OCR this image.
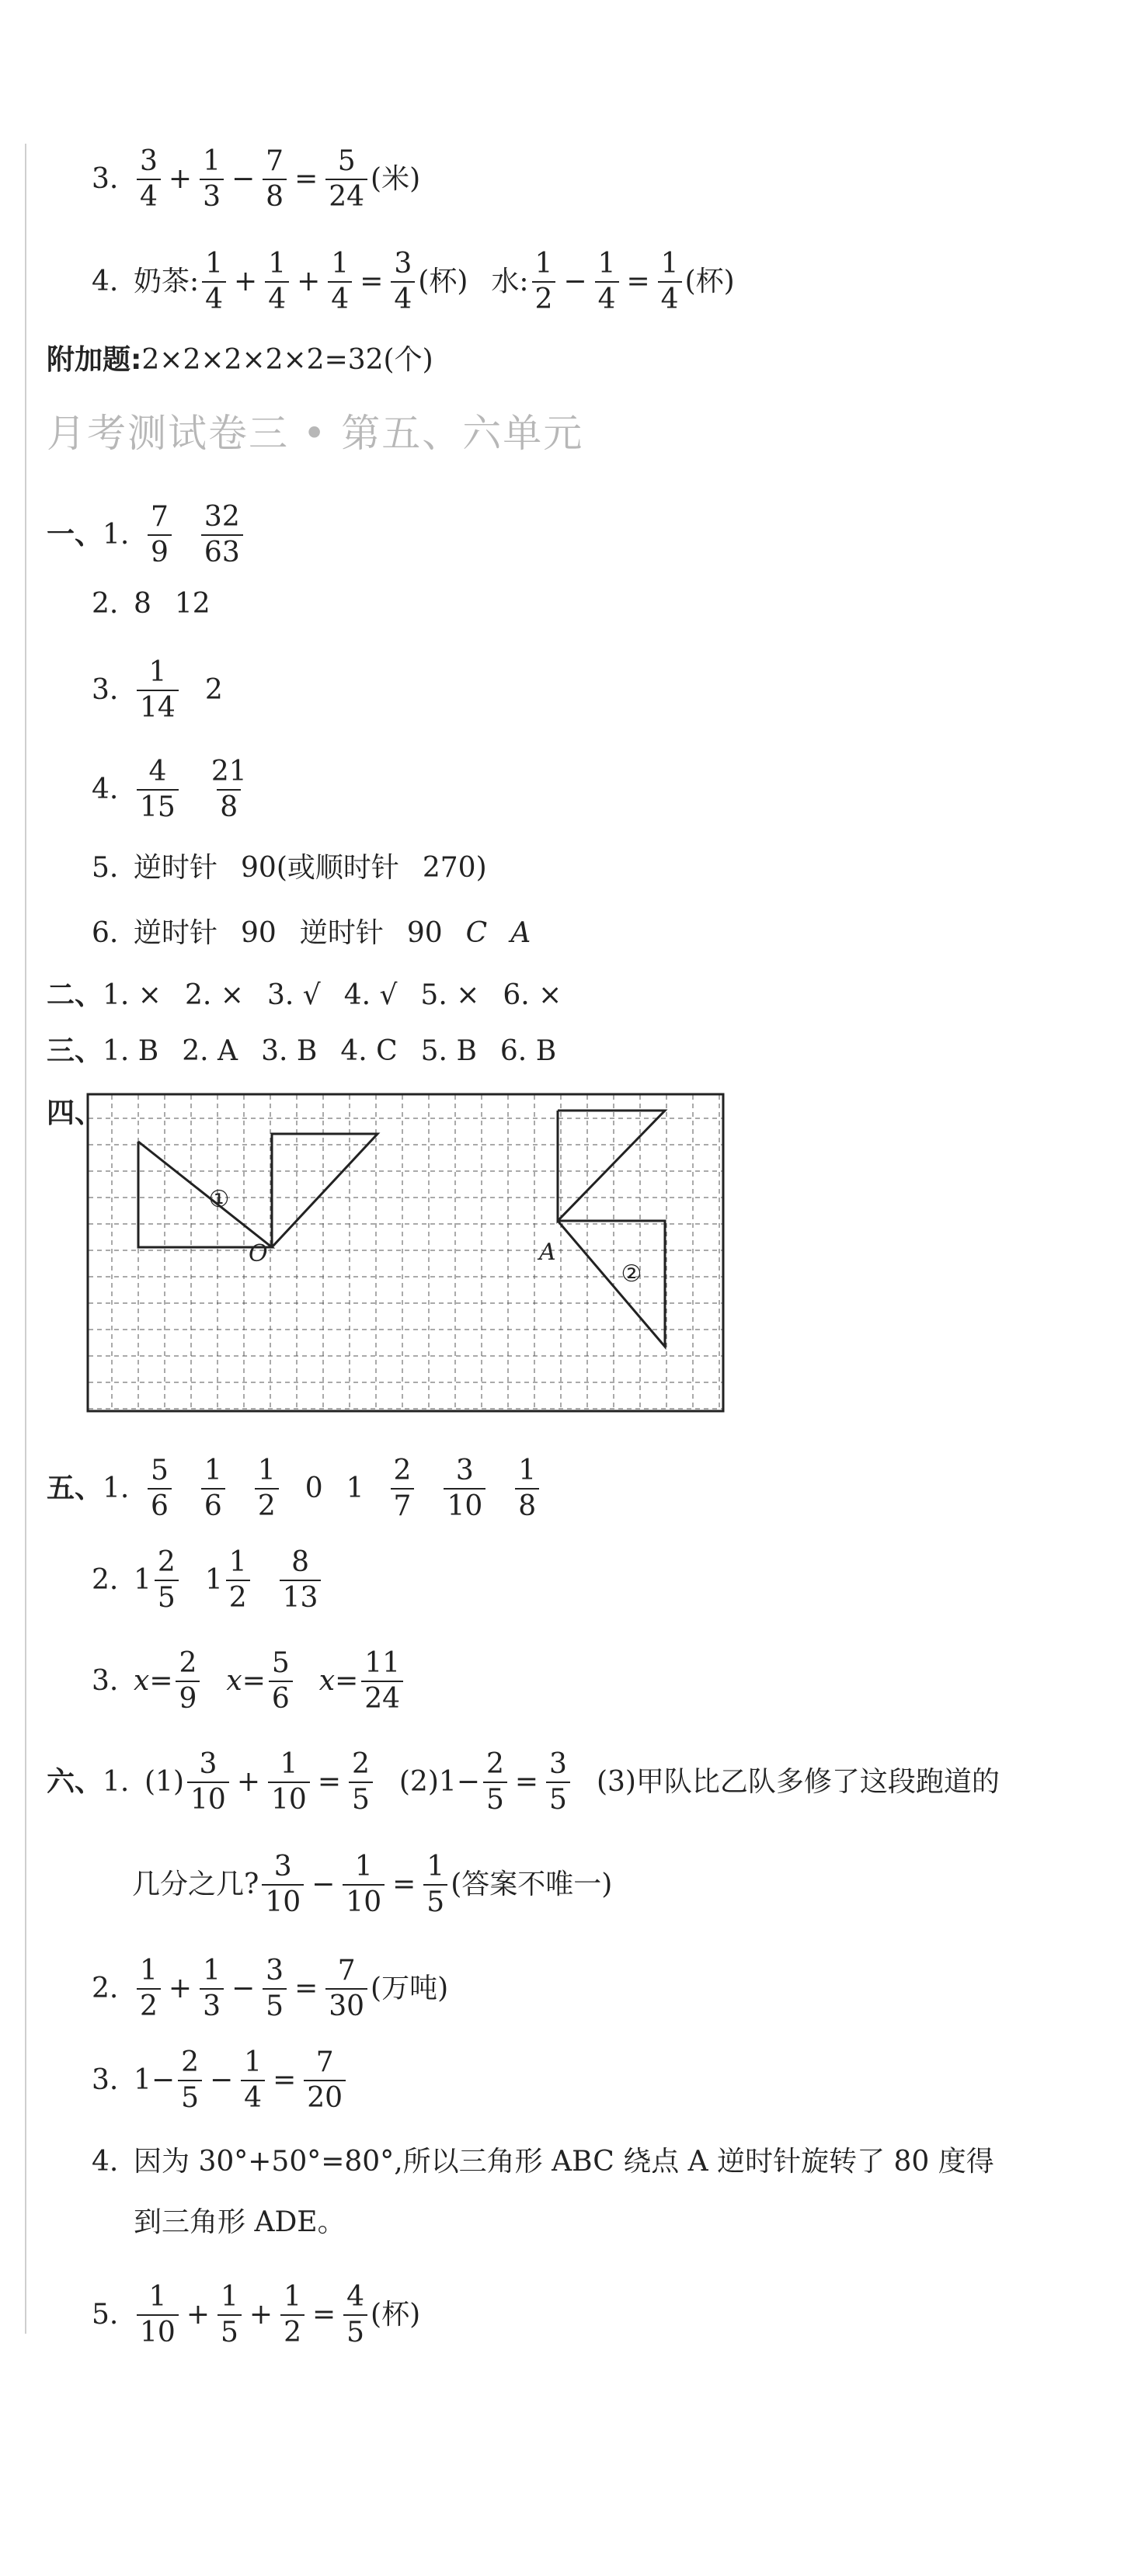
3.
3
4
+ $\frac{1}{3} - \frac{7}{8} = \frac{5}{24}$ (米)
4. 奶茶:
1
4
+ $\frac{1}{4} + \frac{1}{4} = \frac{3}{4}$ (杯) 水:
1
2
− $\frac{1}{4} = \frac{1}{4}$ (杯)
附加题: 2×2×2×2×2=32(个)
月考测试卷三 • 第五、六单元
一、 1.
7
9
32
63
2. 8 12
3.
1
14
2
4.
4
15
21
8
5. 逆时针 90(或顺时针 270)
6. 逆时针 90 逆时针 90 C A
二、 1. × 2. × 3. √ 4. √ 5. × 6. ×
三、 1. B 2. A 3. B 4. C 5. B 6. B
四、
①
②
O	A
五、 1.
5
6
1
6
1
2
0 1
2
7
3
10
1
8
2. 1
2
5
1
1
2
8
13
3. $x = \frac{2}{9}$ $x = \frac{5}{6}$ $x = \frac{11}{24}$
六、 1. (1)
3
10
+ $\frac{1}{10} = \frac{2}{5} (2)1- \frac{2}{5} = \frac{3}{5} (3)$甲队比乙队多修了这段跑道的
几分之几?
3
10
− $\frac{1}{10} = \frac{1}{5}$ (答案不唯一)
2.
1
2
+ $\frac{1}{3} - \frac{3}{5} = \frac{7}{30}$ (万吨)
3. $1- \frac{2}{5} - \frac{1}{4} = \frac{7}{20}$
4. 因为 30°+50°=80°,所以三角形 ABC 绕点 A 逆时针旋转了 80 度得
到三角形 ADE。
5.
1
10
+ $\frac{1}{5} + \frac{1}{2} = \frac{4}{5}$ (杯)
